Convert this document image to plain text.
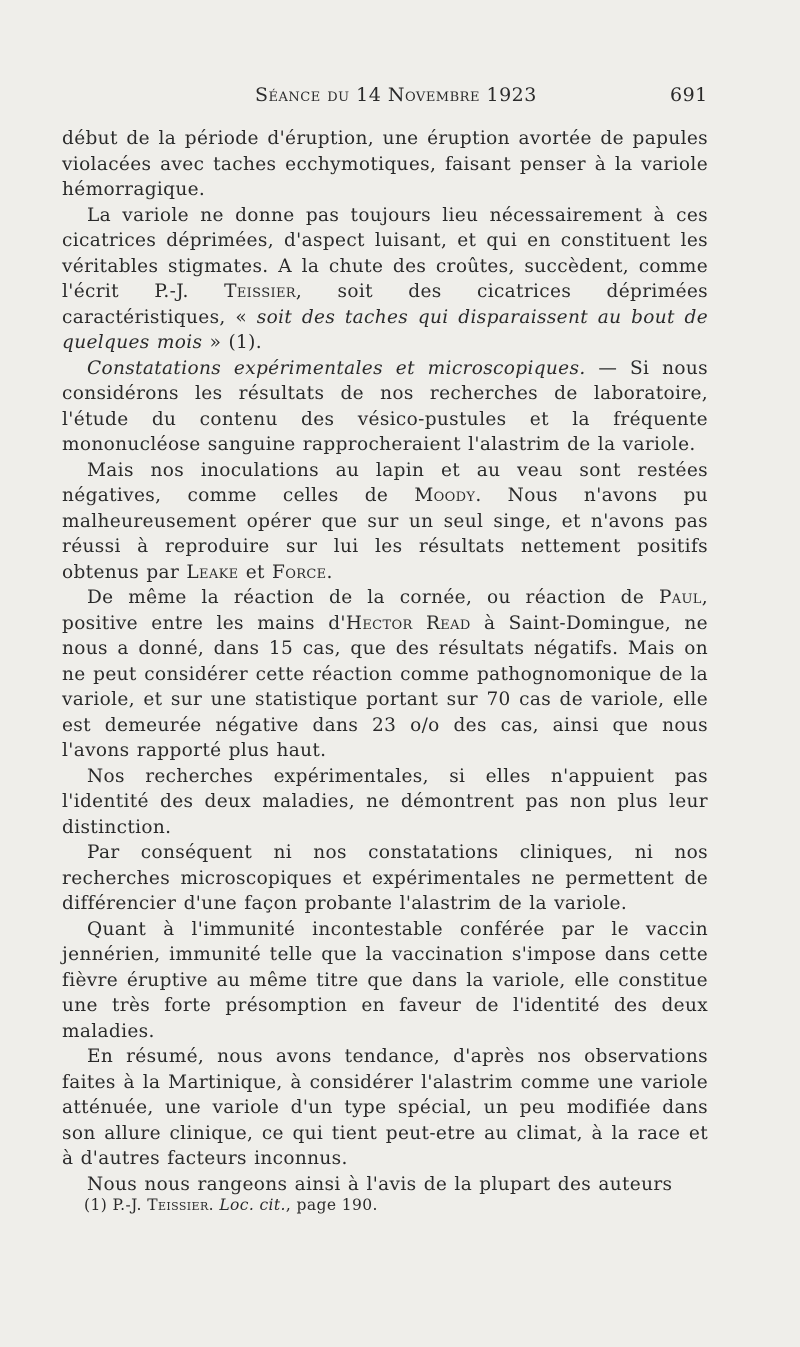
Séance du 14 Novembre 1923	691

début de la période d'éruption, une éruption avortée de papules violacées avec taches ecchymotiques, faisant penser à la variole hémorragique.

La variole ne donne pas toujours lieu nécessairement à ces cicatrices déprimées, d'aspect luisant, et qui en constituent les véritables stigmates. A la chute des croûtes, succèdent, comme l'écrit P.-J. Teissier, soit des cicatrices déprimées caractéristiques, « soit des taches qui disparaissent au bout de quelques mois » (1).

Constatations expérimentales et microscopiques. — Si nous considérons les résultats de nos recherches de laboratoire, l'étude du contenu des vésico-pustules et la fréquente mononucléose sanguine rapprocheraient l'alastrim de la variole.

Mais nos inoculations au lapin et au veau sont restées négatives, comme celles de Moody. Nous n'avons pu malheureusement opérer que sur un seul singe, et n'avons pas réussi à reproduire sur lui les résultats nettement positifs obtenus par Leake et Force.

De même la réaction de la cornée, ou réaction de Paul, positive entre les mains d'Hector Read à Saint-Domingue, ne nous a donné, dans 15 cas, que des résultats négatifs. Mais on ne peut considérer cette réaction comme pathognomonique de la variole, et sur une statistique portant sur 70 cas de variole, elle est demeurée négative dans 23 o/o des cas, ainsi que nous l'avons rapporté plus haut.

Nos recherches expérimentales, si elles n'appuient pas l'identité des deux maladies, ne démontrent pas non plus leur distinction.

Par conséquent ni nos constatations cliniques, ni nos recherches microscopiques et expérimentales ne permettent de différencier d'une façon probante l'alastrim de la variole.

Quant à l'immunité incontestable conférée par le vaccin jennérien, immunité telle que la vaccination s'impose dans cette fièvre éruptive au même titre que dans la variole, elle constitue une très forte présomption en faveur de l'identité des deux maladies.

En résumé, nous avons tendance, d'après nos observations faites à la Martinique, à considérer l'alastrim comme une variole atténuée, une variole d'un type spécial, un peu modifiée dans son allure clinique, ce qui tient peut-etre au climat, à la race et à d'autres facteurs inconnus.

Nous nous rangeons ainsi à l'avis de la plupart des auteurs

(1) P.-J. Teissier. Loc. cit., page 190.
